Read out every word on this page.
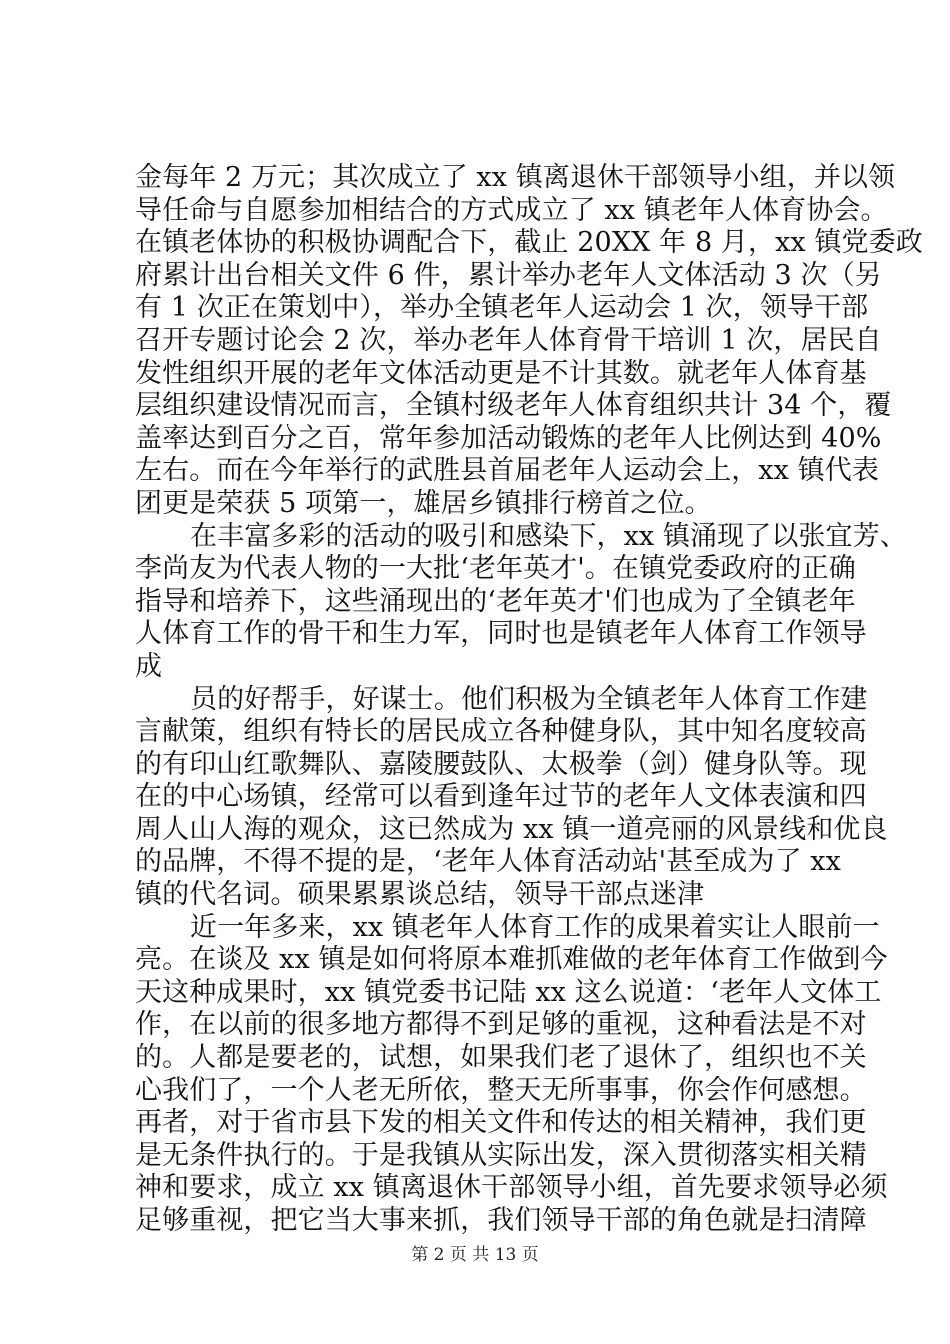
金每年 2 万元；其次成立了 xx 镇离退休干部领导小组，并以领
导任命与自愿参加相结合的方式成立了 xx 镇老年人体育协会。
在镇老体协的积极协调配合下，截止 20XX 年 8 月，xx 镇党委政
府累计出台相关文件 6 件，累计举办老年人文体活动 3 次（另
有 1 次正在策划中），举办全镇老年人运动会 1 次，领导干部
召开专题讨论会 2 次，举办老年人体育骨干培训 1 次，居民自
发性组织开展的老年文体活动更是不计其数。就老年人体育基
层组织建设情况而言，全镇村级老年人体育组织共计 34 个，覆
盖率达到百分之百，常年参加活动锻炼的老年人比例达到 40%
左右。而在今年举行的武胜县首届老年人运动会上，xx 镇代表
团更是荣获 5 项第一，雄居乡镇排行榜首之位。
在丰富多彩的活动的吸引和感染下，xx 镇涌现了以张宜芳、
李尚友为代表人物的一大批‘老年英才'。在镇党委政府的正确
指导和培养下，这些涌现出的‘老年英才'们也成为了全镇老年
人体育工作的骨干和生力军，同时也是镇老年人体育工作领导
成
员的好帮手，好谋士。他们积极为全镇老年人体育工作建
言献策，组织有特长的居民成立各种健身队，其中知名度较高
的有印山红歌舞队、嘉陵腰鼓队、太极拳（剑）健身队等。现
在的中心场镇，经常可以看到逢年过节的老年人文体表演和四
周人山人海的观众，这已然成为 xx 镇一道亮丽的风景线和优良
的品牌，不得不提的是，‘老年人体育活动站'甚至成为了 xx
镇的代名词。硕果累累谈总结，领导干部点迷津
近一年多来，xx 镇老年人体育工作的成果着实让人眼前一
亮。在谈及 xx 镇是如何将原本难抓难做的老年体育工作做到今
天这种成果时，xx 镇党委书记陆 xx 这么说道：‘老年人文体工
作，在以前的很多地方都得不到足够的重视，这种看法是不对
的。人都是要老的，试想，如果我们老了退休了，组织也不关
心我们了，一个人老无所依，整天无所事事，你会作何感想。
再者，对于省市县下发的相关文件和传达的相关精神，我们更
是无条件执行的。于是我镇从实际出发，深入贯彻落实相关精
神和要求，成立 xx 镇离退休干部领导小组，首先要求领导必须
足够重视，把它当大事来抓，我们领导干部的角色就是扫清障
第 2 页 共 13 页
